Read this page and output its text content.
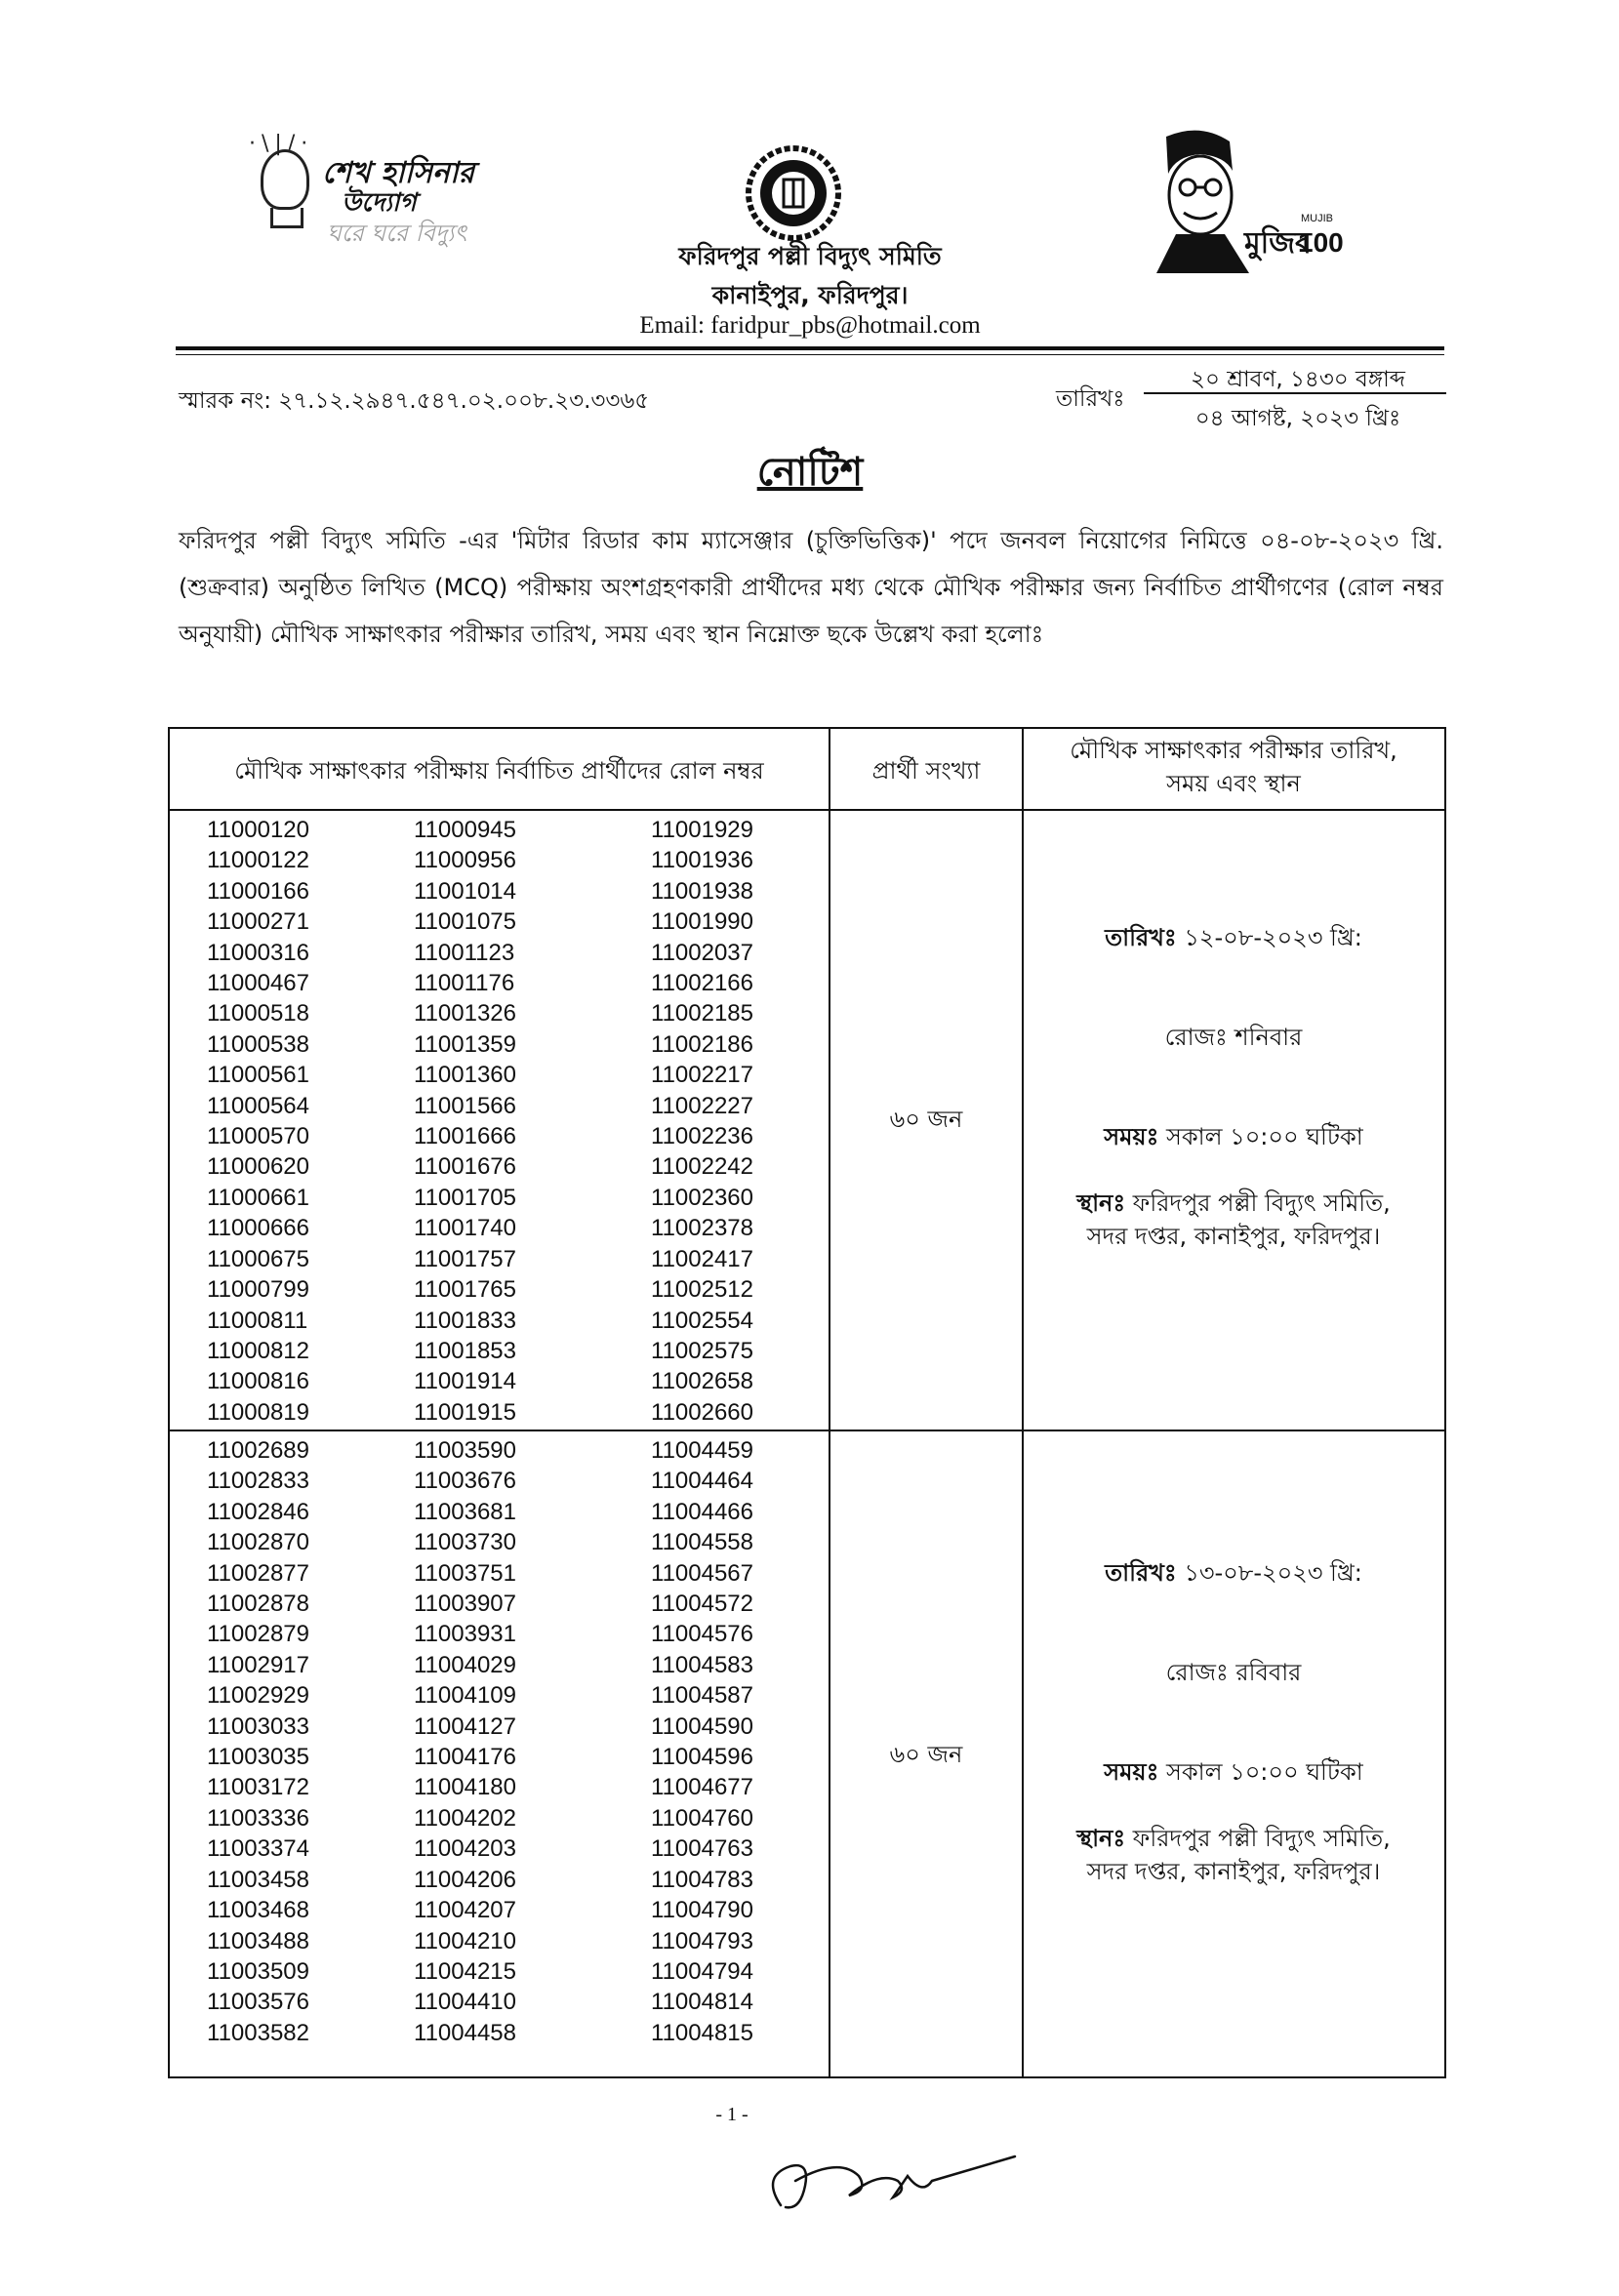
·\|/·
শেখ হাসিনার
উদ্যোগ
ঘরে ঘরে বিদ্যুৎ
ফরিদপুর পল্লী বিদ্যুৎ সমিতি
কানাইপুর, ফরিদপুর।
Email: faridpur_pbs@hotmail.com
মুজিব
MUJIB
100
স্মারক নং: ২৭.১২.২৯৪৭.৫৪৭.০২.০০৮.২৩.৩৩৬৫	তারিখঃ
২০ শ্রাবণ, ১৪৩০ বঙ্গাব্দ
০৪ আগষ্ট, ২০২৩ খ্রিঃ
নোটিশ
ফরিদপুর পল্লী বিদ্যুৎ সমিতি -এর 'মিটার রিডার কাম ম্যাসেঞ্জার (চুক্তিভিত্তিক)' পদে জনবল নিয়োগের নিমিত্তে ০৪-০৮-২০২৩ খ্রি. (শুক্রবার) অনুষ্ঠিত লিখিত (MCQ) পরীক্ষায় অংশগ্রহণকারী প্রার্থীদের মধ্য থেকে মৌখিক পরীক্ষার জন্য নির্বাচিত প্রার্থীগণের (রোল নম্বর অনুযায়ী) মৌখিক সাক্ষাৎকার পরীক্ষার তারিখ, সময় এবং স্থান নিম্নোক্ত ছকে উল্লেখ করা হলোঃ
মৌখিক সাক্ষাৎকার পরীক্ষায় নির্বাচিত প্রার্থীদের রোল নম্বর	প্রার্থী সংখ্যা
মৌখিক সাক্ষাৎকার পরীক্ষার তারিখ,
সময় এবং স্থান
11000120
11000122
11000166
11000271
11000316
11000467
11000518
11000538
11000561
11000564
11000570
11000620
11000661
11000666
11000675
11000799
11000811
11000812
11000816
11000819
11000945
11000956
11001014
11001075
11001123
11001176
11001326
11001359
11001360
11001566
11001666
11001676
11001705
11001740
11001757
11001765
11001833
11001853
11001914
11001915
11001929
11001936
11001938
11001990
11002037
11002166
11002185
11002186
11002217
11002227
11002236
11002242
11002360
11002378
11002417
11002512
11002554
11002575
11002658
11002660
৬০ জন
তারিখঃ ১২-০৮-২০২৩ খ্রি:
রোজঃ শনিবার
সময়ঃ সকাল ১০:০০ ঘটিকা
স্থানঃ ফরিদপুর পল্লী বিদ্যুৎ সমিতি,
সদর দপ্তর, কানাইপুর, ফরিদপুর।
11002689
11002833
11002846
11002870
11002877
11002878
11002879
11002917
11002929
11003033
11003035
11003172
11003336
11003374
11003458
11003468
11003488
11003509
11003576
11003582
11003590
11003676
11003681
11003730
11003751
11003907
11003931
11004029
11004109
11004127
11004176
11004180
11004202
11004203
11004206
11004207
11004210
11004215
11004410
11004458
11004459
11004464
11004466
11004558
11004567
11004572
11004576
11004583
11004587
11004590
11004596
11004677
11004760
11004763
11004783
11004790
11004793
11004794
11004814
11004815
৬০ জন
তারিখঃ ১৩-০৮-২০২৩ খ্রি:
রোজঃ রবিবার
সময়ঃ সকাল ১০:০০ ঘটিকা
স্থানঃ ফরিদপুর পল্লী বিদ্যুৎ সমিতি,
সদর দপ্তর, কানাইপুর, ফরিদপুর।
- 1 -
